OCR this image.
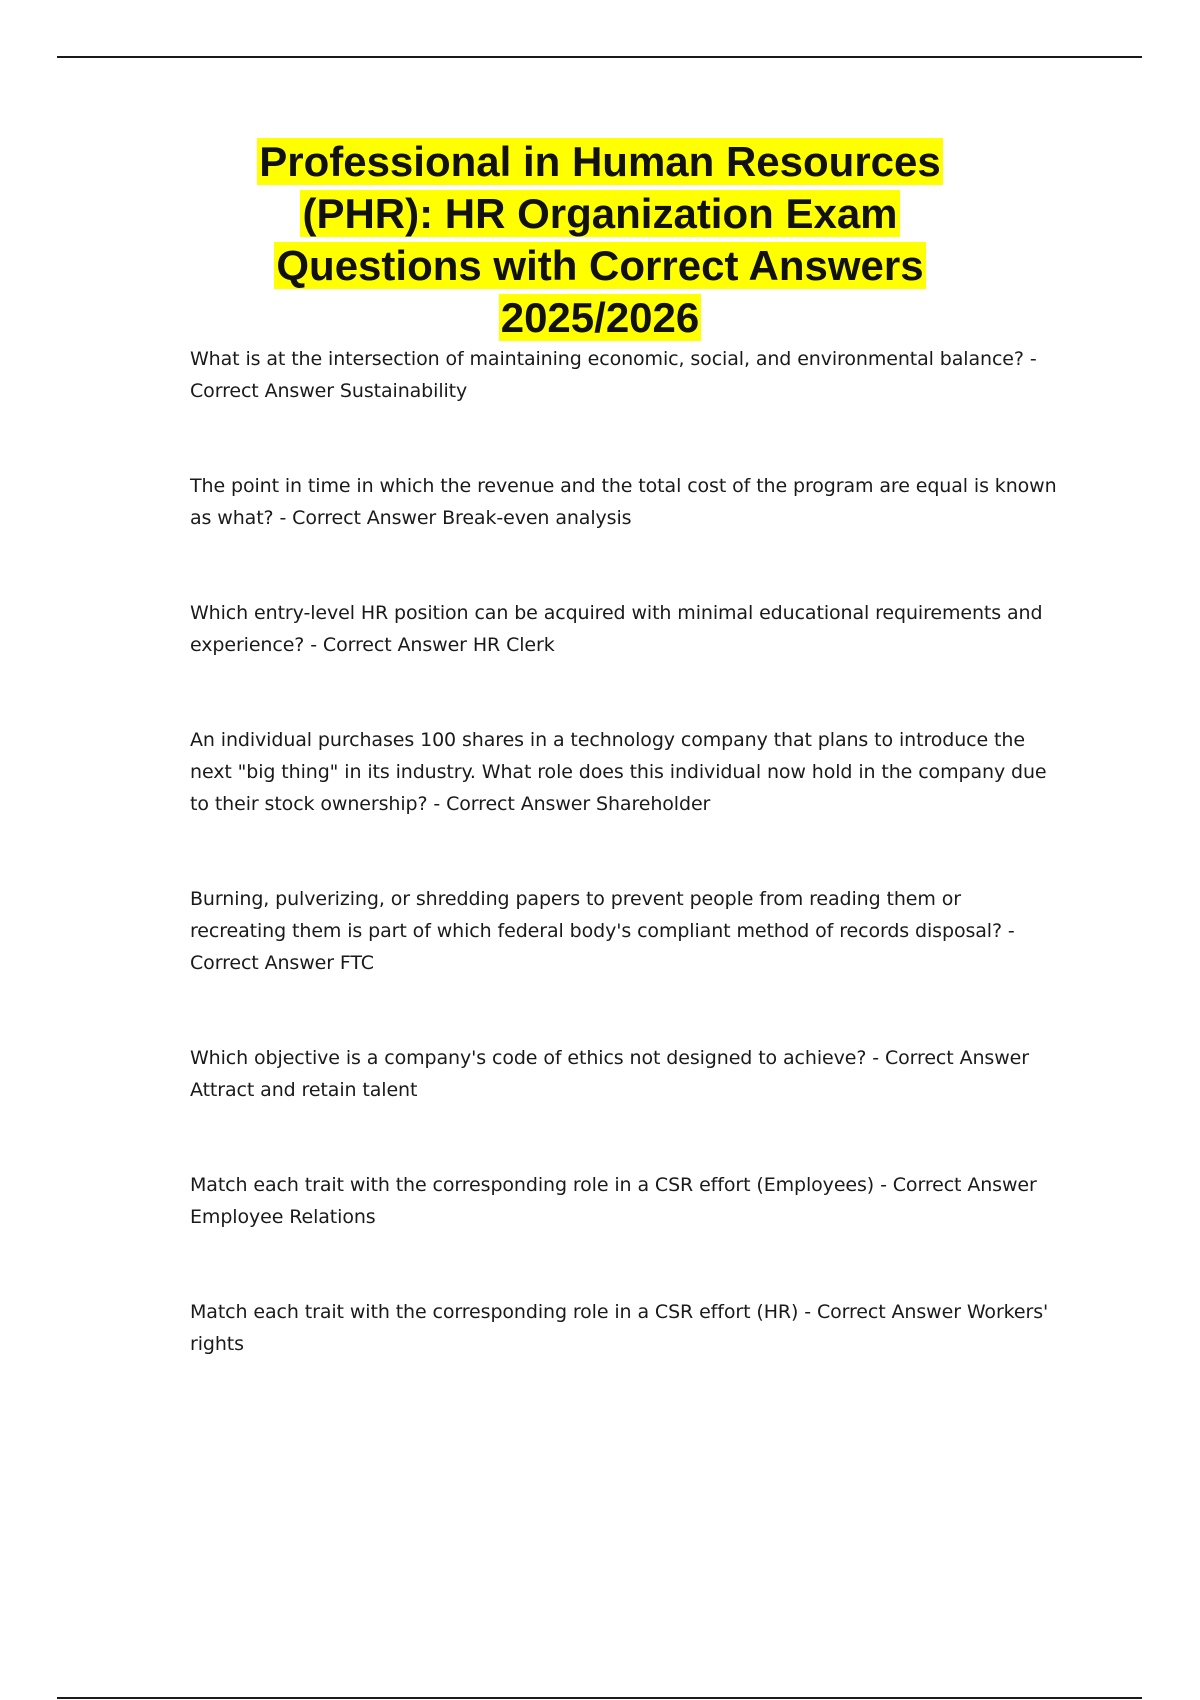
Professional in Human Resources
(PHR): HR Organization Exam
Questions with Correct Answers
2025/2026

What is at the intersection of maintaining economic, social, and environmental balance? - Correct Answer Sustainability

The point in time in which the revenue and the total cost of the program are equal is known as what? - Correct Answer Break-even analysis

Which entry-level HR position can be acquired with minimal educational requirements and experience? - Correct Answer HR Clerk

An individual purchases 100 shares in a technology company that plans to introduce the next "big thing" in its industry. What role does this individual now hold in the company due to their stock ownership? - Correct Answer Shareholder

Burning, pulverizing, or shredding papers to prevent people from reading them or recreating them is part of which federal body's compliant method of records disposal? - Correct Answer FTC

Which objective is a company's code of ethics not designed to achieve? - Correct Answer Attract and retain talent

Match each trait with the corresponding role in a CSR effort (Employees) - Correct Answer Employee Relations

Match each trait with the corresponding role in a CSR effort (HR) - Correct Answer Workers' rights
